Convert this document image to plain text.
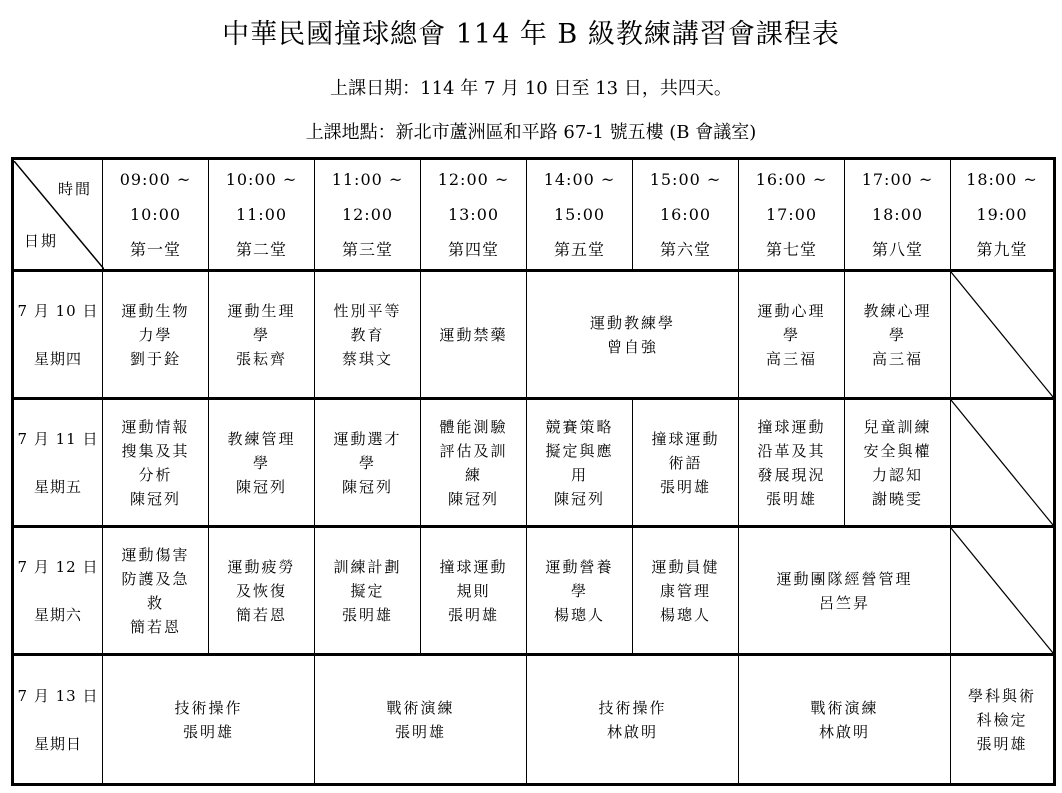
中華民國撞球總會 114 年 B 級教練講習會課程表
上課日期：114 年 7 月 10 日至 13 日，共四天。
上課地點：新北市蘆洲區和平路 67-1 號五樓 (B 會議室)
時間
日期	09:00 ~
10:00
第一堂	10:00 ~
11:00
第二堂	11:00 ~
12:00
第三堂	12:00 ~
13:00
第四堂	14:00 ~
15:00
第五堂	15:00 ~
16:00
第六堂	16:00 ~
17:00
第七堂	17:00 ~
18:00
第八堂	18:00 ~
19:00
第九堂

7 月 10 日
星期四	運動生物
力學
劉于銓	運動生理
學
張耘齊	性別平等
教育
蔡琪文	運動禁藥	運動教練學
曾自強		運動心理
學
高三福	教練心理
學
高三福

7 月 11 日
星期五	運動情報
搜集及其
分析
陳冠列	教練管理
學
陳冠列	運動選才
學
陳冠列	體能測驗
評估及訓
練
陳冠列	競賽策略
擬定與應
用
陳冠列	撞球運動
術語
張明雄	撞球運動
沿革及其
發展現況
張明雄	兒童訓練
安全與權
力認知
謝曉雯

7 月 12 日
星期六	運動傷害
防護及急
救
簡若恩	運動疲勞
及恢復
簡若恩	訓練計劃
擬定
張明雄	撞球運動
規則
張明雄	運動營養
學
楊璁人	運動員健
康管理
楊璁人	運動團隊經營管理
呂竺昇

7 月 13 日
星期日	技術操作
張明雄		戰術演練
張明雄		技術操作
林啟明		戰術演練
林啟明		學科與術
科檢定
張明雄
